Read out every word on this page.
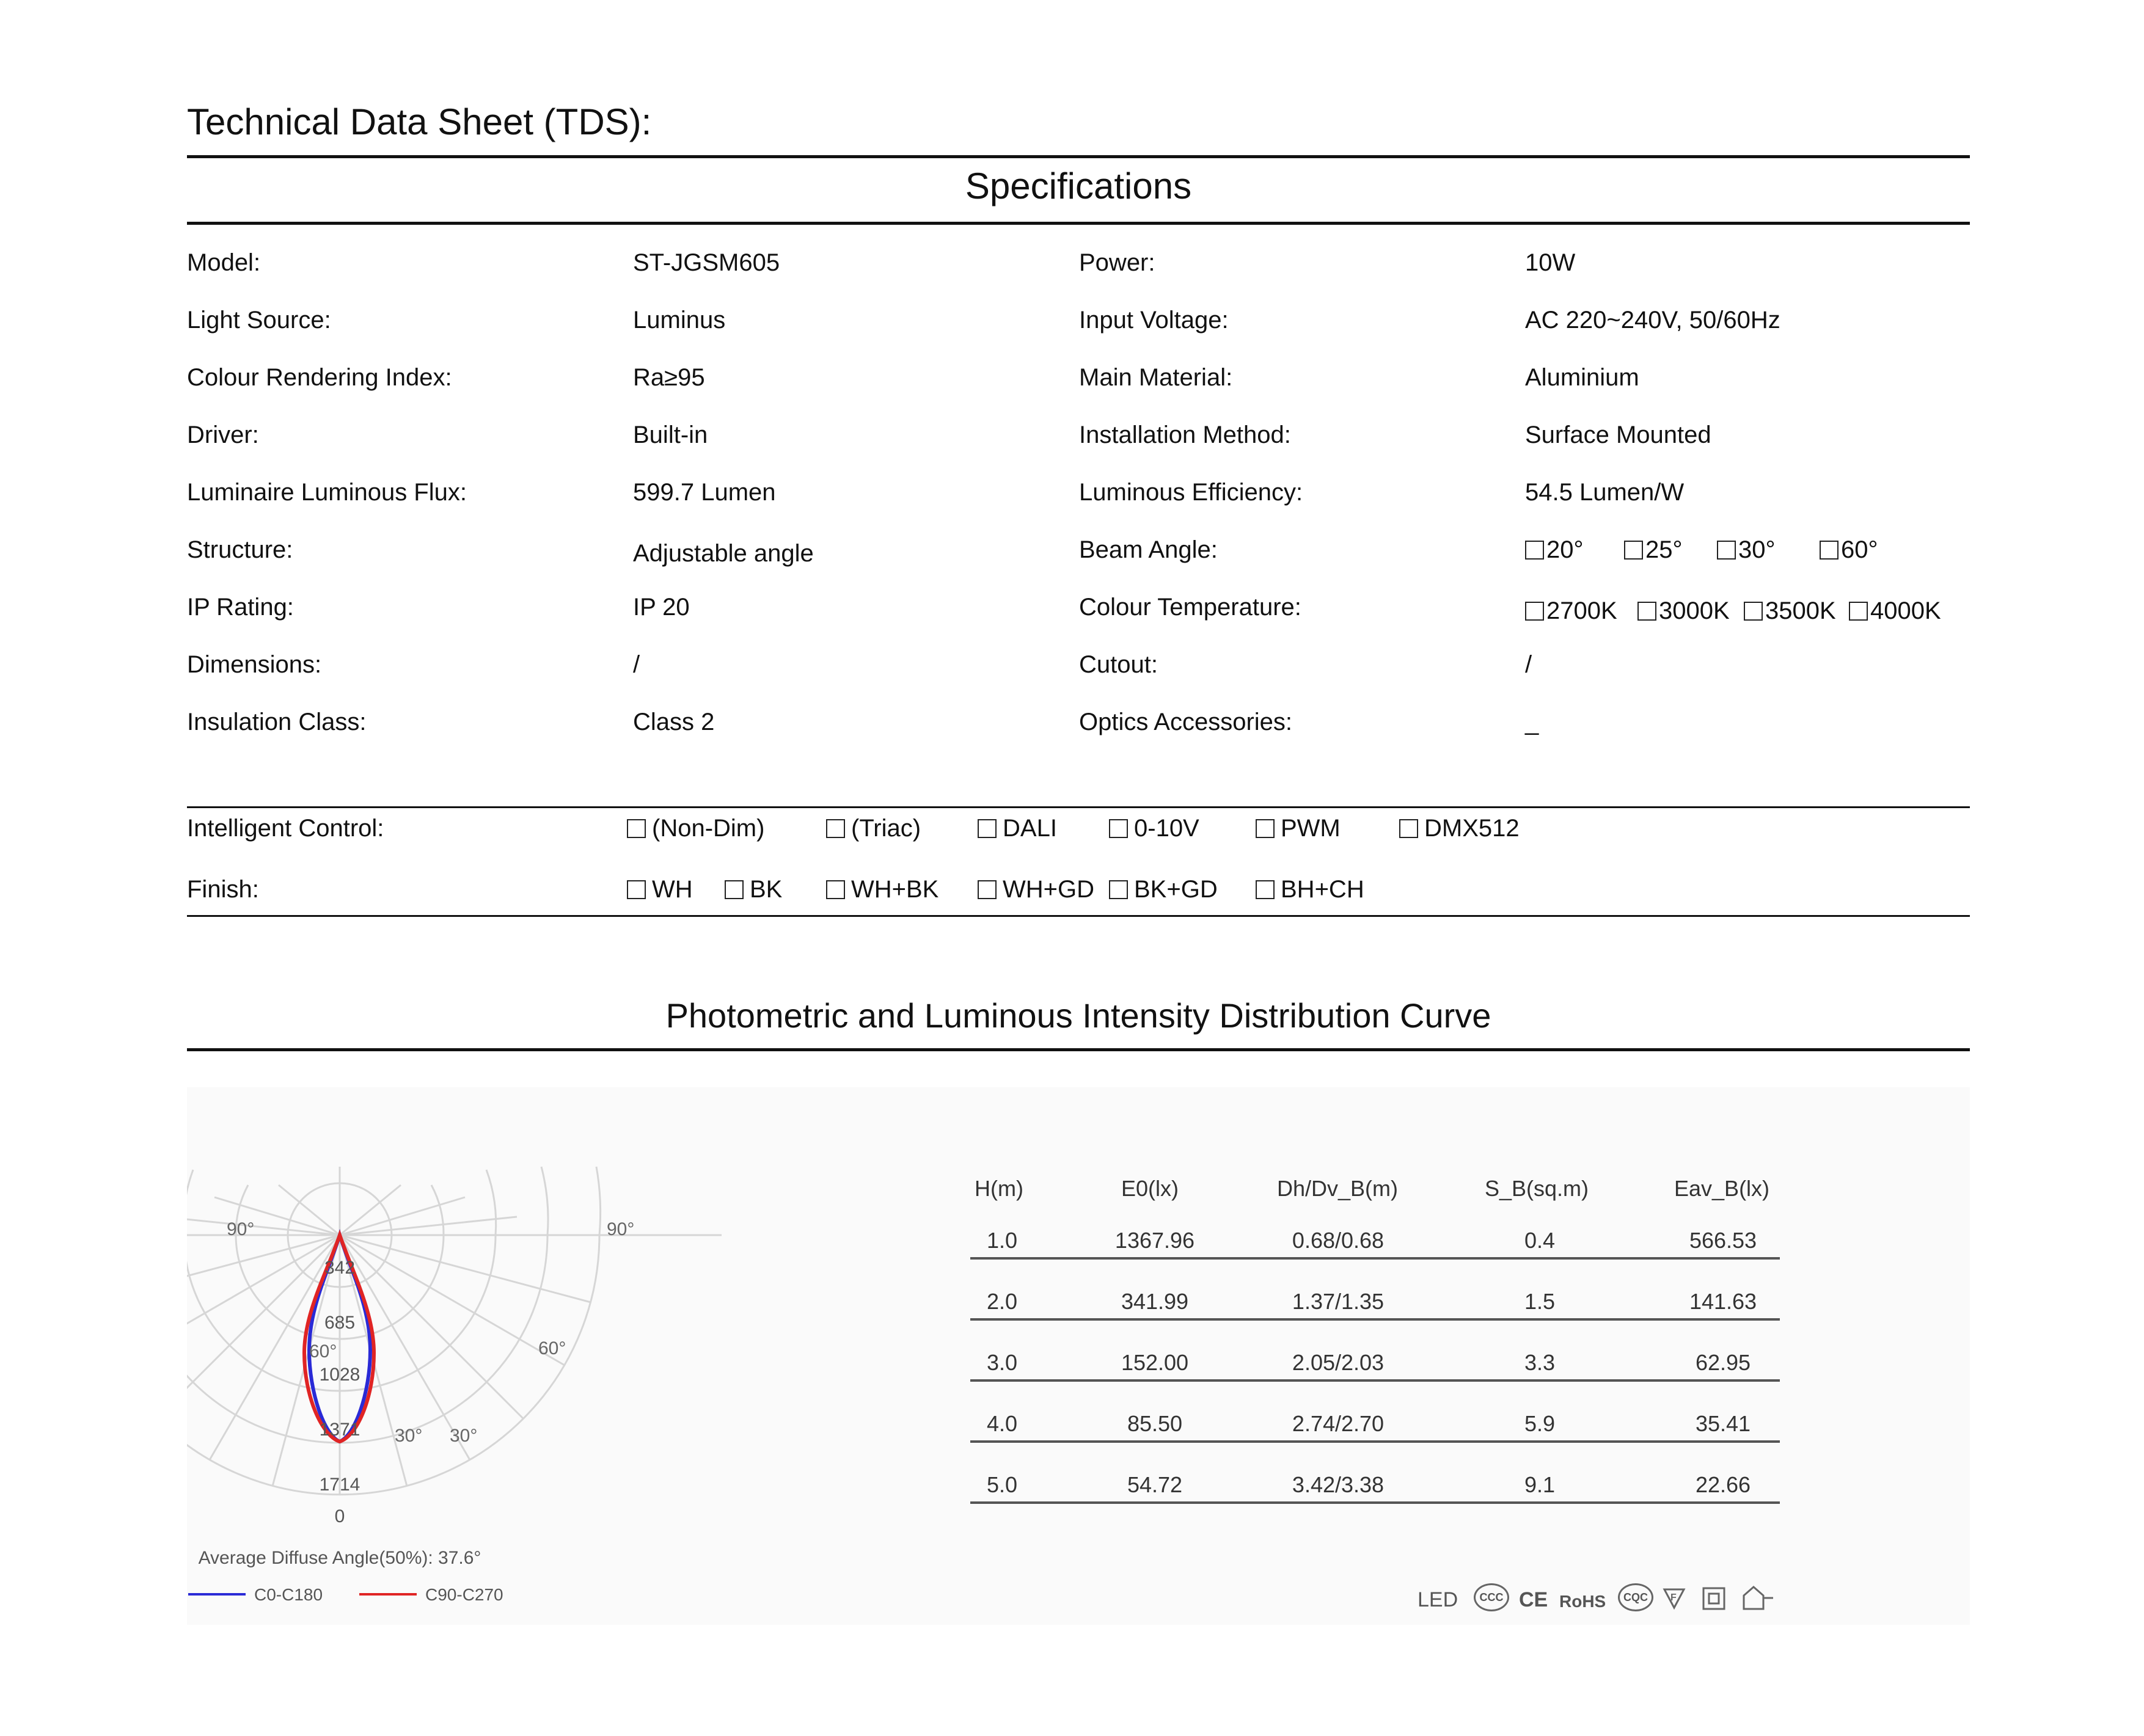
Technical Data Sheet (TDS):
Specifications
Model:	ST-JGSM605	Power:	10W
Light Source:	Luminus	Input Voltage:	AC 220~240V, 50/60Hz
Colour Rendering Index:	Ra≥95	Main Material:	Aluminium
Driver:	Built-in	Installation Method:	Surface Mounted
Luminaire Luminous Flux:	599.7 Lumen	Luminous Efficiency:	54.5 Lumen/W
Structure:	Adjustable angle	Beam Angle:	20°	25° 30°	60°
IP Rating:	IP 20	Colour Temperature:	2700K 3000K 3500K 4000K
Dimensions:	/	Cutout:	/
Insulation Class:	Class 2	Optics Accessories:	_
Intelligent Control:	(Non-Dim)	(Triac)	DALI	0-10V	PWM	DMX512
Finish:	WH BK	WH+BK	WH+GD BK+GD	BH+CH
Photometric and Luminous Intensity Distribution Curve
90°	90°
60°	60°
30° 30°
342
685
1028
1371
1714
0
Average Diffuse Angle(50%): 37.6°
C0-C180	C90-C270
H(m)	E0(lx)	Dh/Dv_B(m)	S_B(sq.m)	Eav_B(lx)
1.0	1367.96	0.68/0.68	0.4	566.53
2.0	341.99	1.37/1.35	1.5	141.63
3.0	152.00	2.05/2.03	3.3	62.95
4.0	85.50	2.74/2.70	5.9	35.41
5.0	54.72	3.42/3.38	9.1	22.66
LED	CCC CE RoHS	CQC	F
